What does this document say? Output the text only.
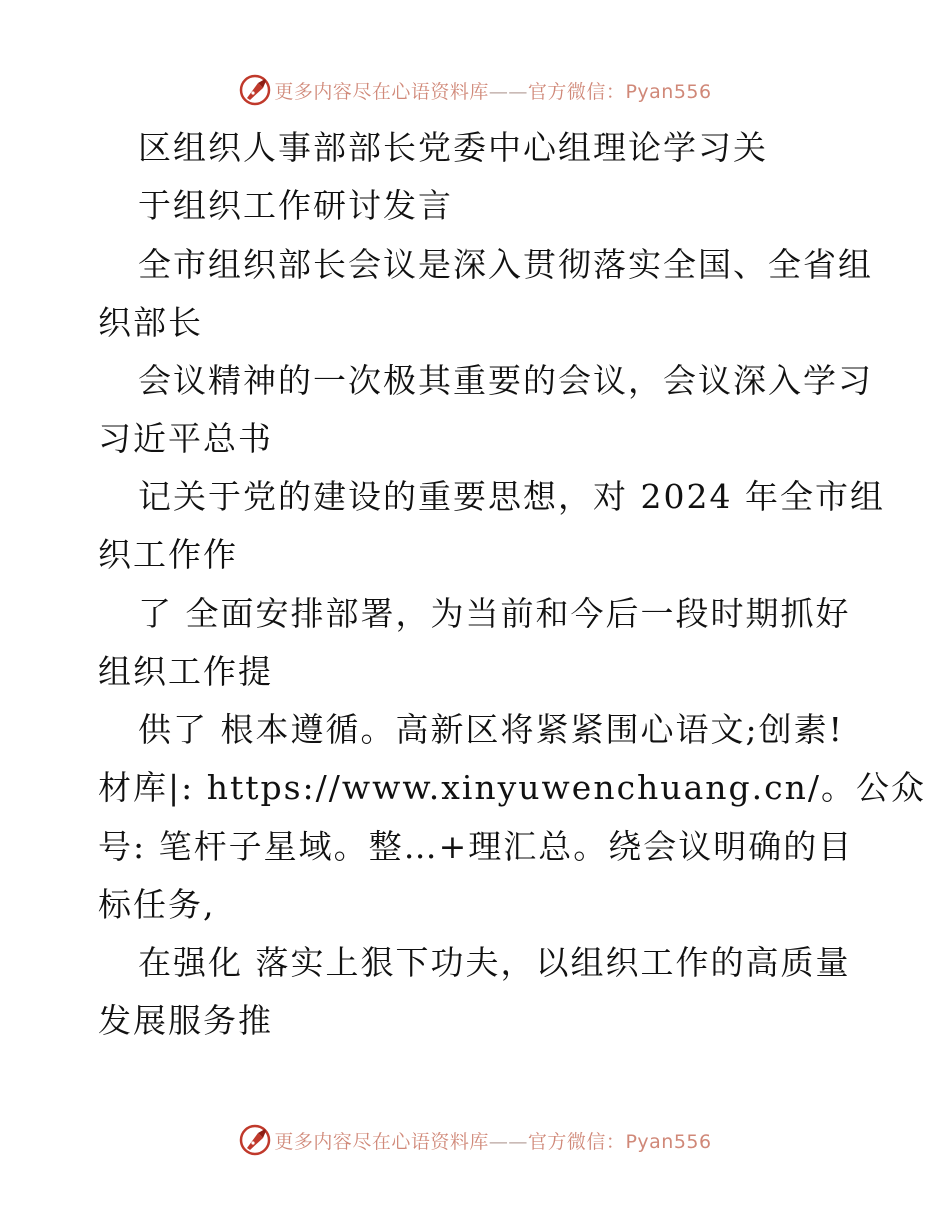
更多内容尽在心语资料库——官方微信：Pyan556
区组织人事部部长党委中心组理论学习关
于组织工作研讨发言
全市组织部长会议是深入贯彻落实全国、全省组
织部长
会议精神的一次极其重要的会议，会议深入学习
习近平总书
记关于党的建设的重要思想，对 2024 年全市组
织工作作
了 全面安排部署，为当前和今后一段时期抓好
组织工作提
供了 根本遵循。高新区将紧紧围心语文;创素!
材库|: https://www.xinyuwenchuang.cn/。公众
号: 笔杆子星域。整…+理汇总。绕会议明确的目
标任务,
在强化 落实上狠下功夫，以组织工作的高质量
发展服务推
更多内容尽在心语资料库——官方微信：Pyan556
